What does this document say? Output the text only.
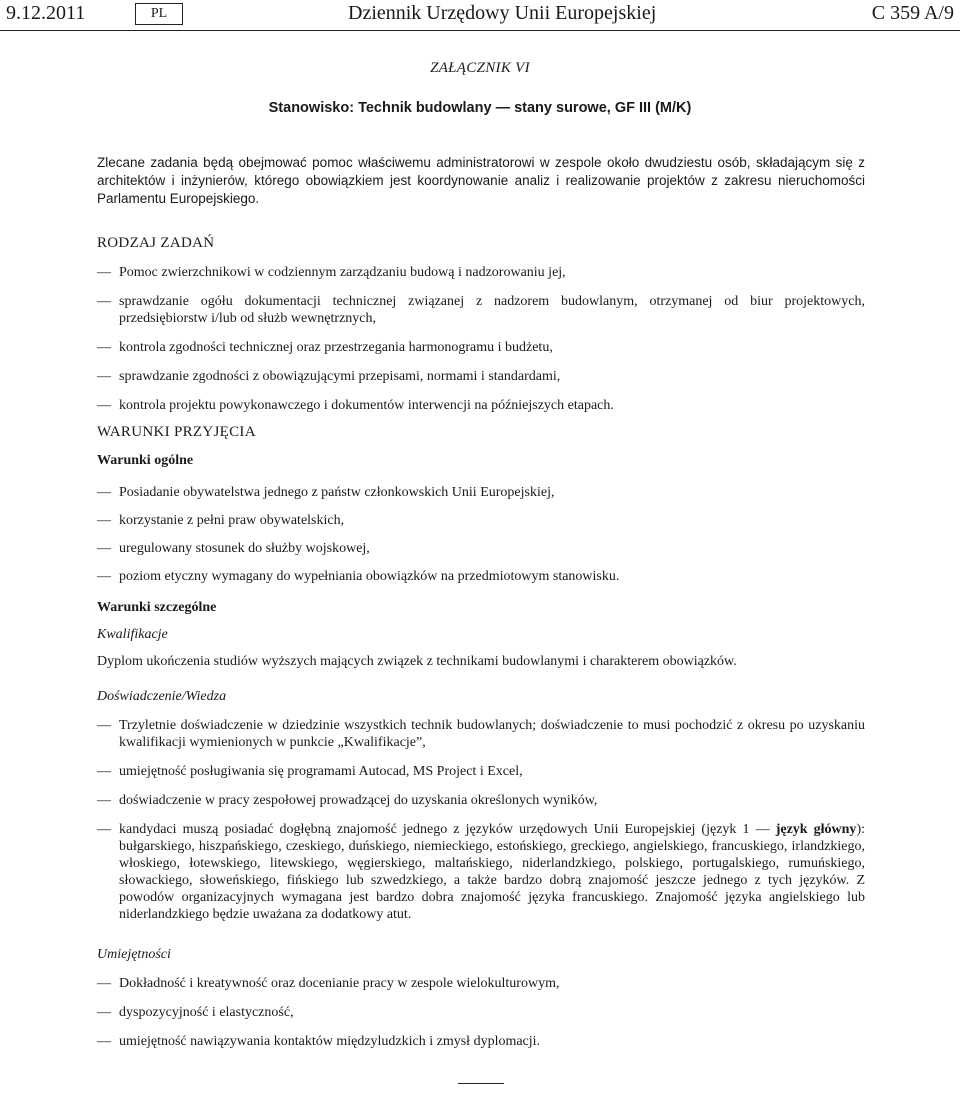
9.12.2011	PL	Dziennik Urzędowy Unii Europejskiej	C 359 A/9
ZAŁĄCZNIK VI
Stanowisko: Technik budowlany — stany surowe, GF III (M/K)

Zlecane zadania będą obejmować pomoc właściwemu administratorowi w zespole około dwudziestu osób, składającym się z architektów i inżynierów, którego obowiązkiem jest koordynowanie analiz i realizowanie projektów z zakresu nieruchomości Parlamentu Europejskiego.

RODZAJ ZADAŃ

— Pomoc zwierzchnikowi w codziennym zarządzaniu budową i nadzorowaniu jej,
— sprawdzanie ogółu dokumentacji technicznej związanej z nadzorem budowlanym, otrzymanej od biur projektowych, przedsiębiorstw i/lub od służb wewnętrznych,
— kontrola zgodności technicznej oraz przestrzegania harmonogramu i budżetu,
— sprawdzanie zgodności z obowiązującymi przepisami, normami i standardami,
— kontrola projektu powykonawczego i dokumentów interwencji na późniejszych etapach.

WARUNKI PRZYJĘCIA

Warunki ogólne

— Posiadanie obywatelstwa jednego z państw członkowskich Unii Europejskiej,
— korzystanie z pełni praw obywatelskich,
— uregulowany stosunek do służby wojskowej,
— poziom etyczny wymagany do wypełniania obowiązków na przedmiotowym stanowisku.

Warunki szczególne

Kwalifikacje

Dyplom ukończenia studiów wyższych mających związek z technikami budowlanymi i charakterem obowiązków.

Doświadczenie/Wiedza

— Trzyletnie doświadczenie w dziedzinie wszystkich technik budowlanych; doświadczenie to musi pochodzić z okresu po uzyskaniu kwalifikacji wymienionych w punkcie „Kwalifikacje”,
— umiejętność posługiwania się programami Autocad, MS Project i Excel,
— doświadczenie w pracy zespołowej prowadzącej do uzyskania określonych wyników,
— kandydaci muszą posiadać dogłębną znajomość jednego z języków urzędowych Unii Europejskiej (język 1 — język główny): bułgarskiego, hiszpańskiego, czeskiego, duńskiego, niemieckiego, estońskiego, greckiego, angielskiego, francuskiego, irlandzkiego, włoskiego, łotewskiego, litewskiego, węgierskiego, maltańskiego, niderlandzkiego, polskiego, portugalskiego, rumuńskiego, słowackiego, słoweńskiego, fińskiego lub szwedzkiego, a także bardzo dobrą znajomość jeszcze jednego z tych języków. Z powodów organizacyjnych wymagana jest bardzo dobra znajomość języka francuskiego. Znajomość języka angielskiego lub niderlandzkiego będzie uważana za dodatkowy atut.

Umiejętności

— Dokładność i kreatywność oraz docenianie pracy w zespole wielokulturowym,
— dyspozycyjność i elastyczność,
— umiejętność nawiązywania kontaktów międzyludzkich i zmysł dyplomacji.
